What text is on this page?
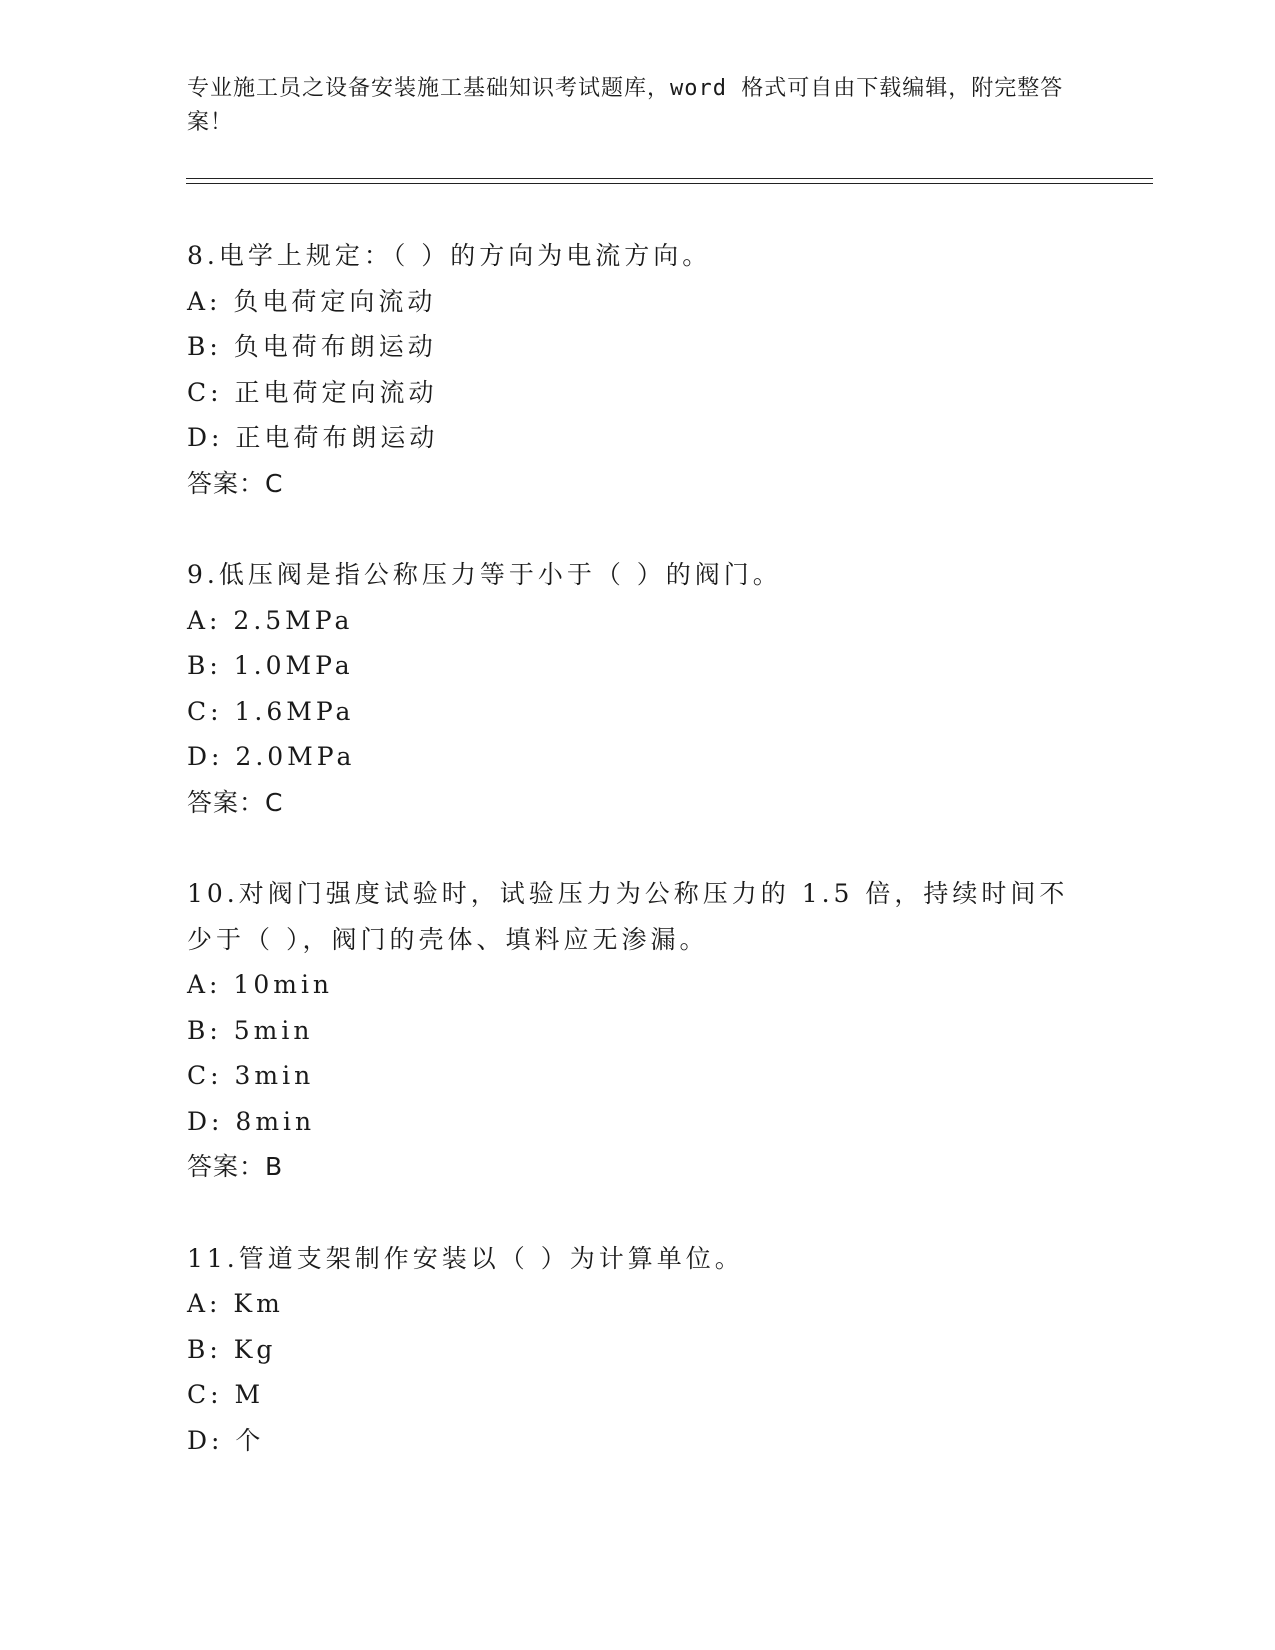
专业施工员之设备安装施工基础知识考试题库，word 格式可自由下载编辑，附完整答案！
8.电学上规定：（ ）的方向为电流方向。
A: 负电荷定向流动
B: 负电荷布朗运动
C: 正电荷定向流动
D: 正电荷布朗运动
答案：C
9.低压阀是指公称压力等于小于（ ）的阀门。
A: 2.5MPa
B: 1.0MPa
C: 1.6MPa
D: 2.0MPa
答案：C
10.对阀门强度试验时，试验压力为公称压力的 1.5 倍，持续时间不少于（ ），阀门的壳体、填料应无渗漏。
A: 10min
B: 5min
C: 3min
D: 8min
答案：B
11.管道支架制作安装以（ ）为计算单位。
A: Km
B: Kg
C: M
D: 个
